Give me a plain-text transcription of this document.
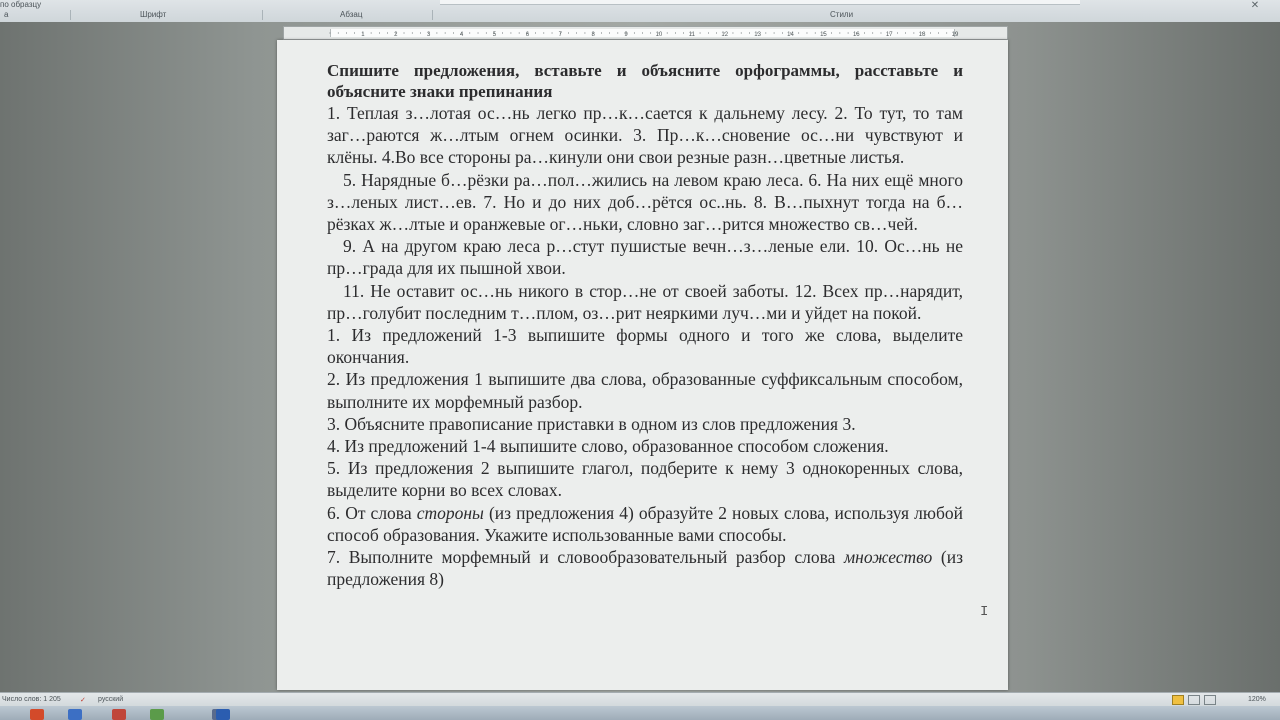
по образцу
а	Шрифт	Абзац	Стили
✕
1	2	3	4	5	6	7	8	9	10	11	12	13	14	15	16	17	18	19

Спишите предложения, вставьте и объясните орфограммы, расставьте и объясните знаки препинания

1. Теплая з…лотая ос…нь легко пр…к…сается к дальнему лесу. 2. То тут, то там заг…раются ж…лтым огнем осинки. 3. Пр…к…сновение ос…ни чувствуют и клёны. 4.Во все стороны ра…кинули они свои резные разн…цветные листья.

5. Нарядные б…рёзки ра…пол…жились на левом краю леса. 6. На них ещё много з…леных лист…ев. 7. Но и до них доб…рётся ос..нь. 8. В…пыхнут тогда на б…рёзках ж…лтые и оранжевые ог…ньки, словно заг…рится множество св…чей.

9. А на другом краю леса р…стут пушистые вечн…з…леные ели. 10. Ос…нь не пр…града для их пышной хвои.

11. Не оставит ос…нь никого в стор…не от своей заботы. 12. Всех пр…нарядит, пр…голубит последним т…плом, оз…рит неяркими луч…ми и уйдет на покой.

1. Из предложений 1-3 выпишите формы одного и того же слова, выделите окончания.

2. Из предложения 1 выпишите два слова, образованные суффиксальным способом, выполните их морфемный разбор.

3. Объясните правописание приставки в одном из слов предложения 3.

4. Из предложений 1-4 выпишите слово, образованное способом сложения.

5. Из предложения 2 выпишите глагол, подберите к нему 3 однокоренных слова, выделите корни во всех словах.

6. От слова стороны (из предложения 4) образуйте 2 новых слова, используя любой способ образования. Укажите использованные вами способы.

7. Выполните морфемный и словообразовательный разбор слова множество (из предложения 8)

I
Число слов: 1 205	✓ русский	120%
